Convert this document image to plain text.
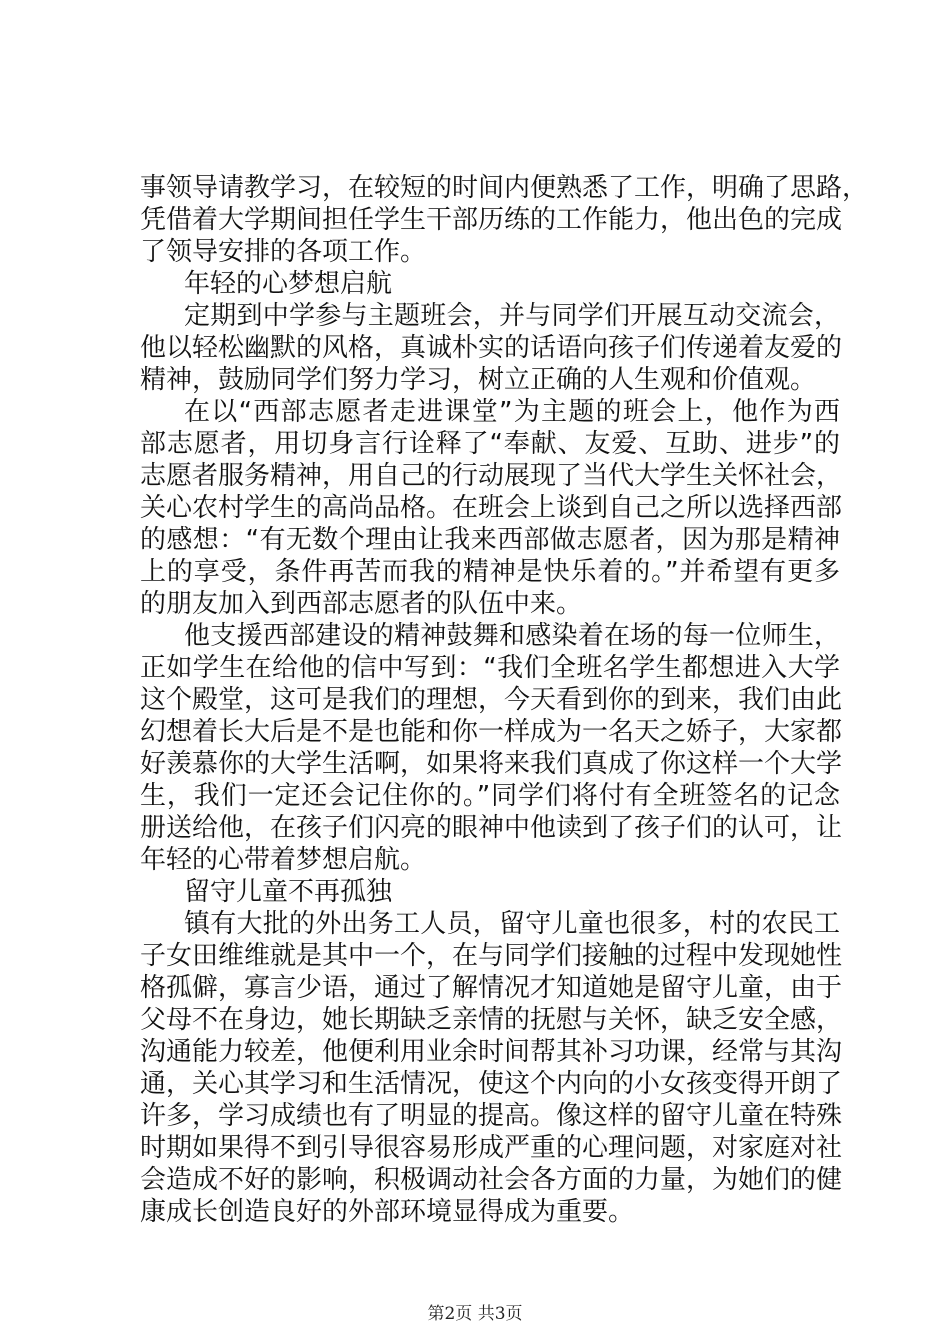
事领导请教学习，在较短的时间内便熟悉了工作，明确了思路，
凭借着大学期间担任学生干部历练的工作能力，他出色的完成
了领导安排的各项工作。
年轻的心梦想启航
定期到中学参与主题班会，并与同学们开展互动交流会，
他以轻松幽默的风格，真诚朴实的话语向孩子们传递着友爱的
精神，鼓励同学们努力学习，树立正确的人生观和价值观。
在以“西部志愿者走进课堂”为主题的班会上，他作为西
部志愿者，用切身言行诠释了“奉献、友爱、互助、进步”的
志愿者服务精神，用自己的行动展现了当代大学生关怀社会，
关心农村学生的高尚品格。在班会上谈到自己之所以选择西部
的感想：“有无数个理由让我来西部做志愿者，因为那是精神
上的享受，条件再苦而我的精神是快乐着的。”并希望有更多
的朋友加入到西部志愿者的队伍中来。
他支援西部建设的精神鼓舞和感染着在场的每一位师生，
正如学生在给他的信中写到：“我们全班名学生都想进入大学
这个殿堂，这可是我们的理想，今天看到你的到来，我们由此
幻想着长大后是不是也能和你一样成为一名天之娇子，大家都
好羡慕你的大学生活啊，如果将来我们真成了你这样一个大学
生，我们一定还会记住你的。”同学们将付有全班签名的记念
册送给他，在孩子们闪亮的眼神中他读到了孩子们的认可，让
年轻的心带着梦想启航。
留守儿童不再孤独
镇有大批的外出务工人员，留守儿童也很多，村的农民工
子女田维维就是其中一个，在与同学们接触的过程中发现她性
格孤僻，寡言少语，通过了解情况才知道她是留守儿童，由于
父母不在身边，她长期缺乏亲情的抚慰与关怀，缺乏安全感，
沟通能力较差，他便利用业余时间帮其补习功课，经常与其沟
通，关心其学习和生活情况，使这个内向的小女孩变得开朗了
许多，学习成绩也有了明显的提高。像这样的留守儿童在特殊
时期如果得不到引导很容易形成严重的心理问题，对家庭对社
会造成不好的影响，积极调动社会各方面的力量，为她们的健
康成长创造良好的外部环境显得成为重要。
第2页 共3页
